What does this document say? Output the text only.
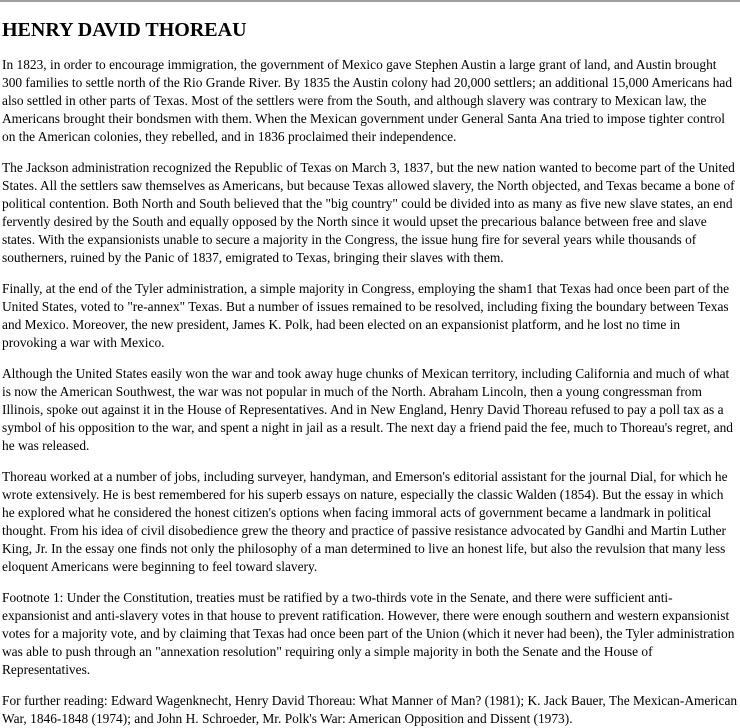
HENRY DAVID THOREAU

In 1823, in order to encourage immigration, the government of Mexico gave Stephen Austin a large grant of land, and Austin brought 300 families to settle north of the Rio Grande River. By 1835 the Austin colony had 20,000 settlers; an additional 15,000 Americans had also settled in other parts of Texas. Most of the settlers were from the South, and although slavery was contrary to Mexican law, the Americans brought their bondsmen with them. When the Mexican government under General Santa Ana tried to impose tighter control on the American colonies, they rebelled, and in 1836 proclaimed their independence.

The Jackson administration recognized the Republic of Texas on March 3, 1837, but the new nation wanted to become part of the United States. All the settlers saw themselves as Americans, but because Texas allowed slavery, the North objected, and Texas became a bone of political contention. Both North and South believed that the "big country" could be divided into as many as five new slave states, an end fervently desired by the South and equally opposed by the North since it would upset the precarious balance between free and slave states. With the expansionists unable to secure a majority in the Congress, the issue hung fire for several years while thousands of southerners, ruined by the Panic of 1837, emigrated to Texas, bringing their slaves with them.

Finally, at the end of the Tyler administration, a simple majority in Congress, employing the sham1 that Texas had once been part of the United States, voted to "re-annex" Texas. But a number of issues remained to be resolved, including fixing the boundary between Texas and Mexico. Moreover, the new president, James K. Polk, had been elected on an expansionist platform, and he lost no time in provoking a war with Mexico.

Although the United States easily won the war and took away huge chunks of Mexican territory, including California and much of what is now the American Southwest, the war was not popular in much of the North. Abraham Lincoln, then a young congressman from Illinois, spoke out against it in the House of Representatives. And in New England, Henry David Thoreau refused to pay a poll tax as a symbol of his opposition to the war, and spent a night in jail as a result. The next day a friend paid the fee, much to Thoreau's regret, and he was released.

Thoreau worked at a number of jobs, including surveyer, handyman, and Emerson's editorial assistant for the journal Dial, for which he wrote extensively. He is best remembered for his superb essays on nature, especially the classic Walden (1854). But the essay in which he explored what he considered the honest citizen's options when facing immoral acts of government became a landmark in political thought. From his idea of civil disobedience grew the theory and practice of passive resistance advocated by Gandhi and Martin Luther King, Jr. In the essay one finds not only the philosophy of a man determined to live an honest life, but also the revulsion that many less eloquent Americans were beginning to feel toward slavery.

Footnote 1: Under the Constitution, treaties must be ratified by a two-thirds vote in the Senate, and there were sufficient anti-expansionist and anti-slavery votes in that house to prevent ratification. However, there were enough southern and western expansionist votes for a majority vote, and by claiming that Texas had once been part of the Union (which it never had been), the Tyler administration was able to push through an "annexation resolution" requiring only a simple majority in both the Senate and the House of Representatives.

For further reading: Edward Wagenknecht, Henry David Thoreau: What Manner of Man? (1981); K. Jack Bauer, The Mexican-American War, 1846-1848 (1974); and John H. Schroeder, Mr. Polk's War: American Opposition and Dissent (1973).
